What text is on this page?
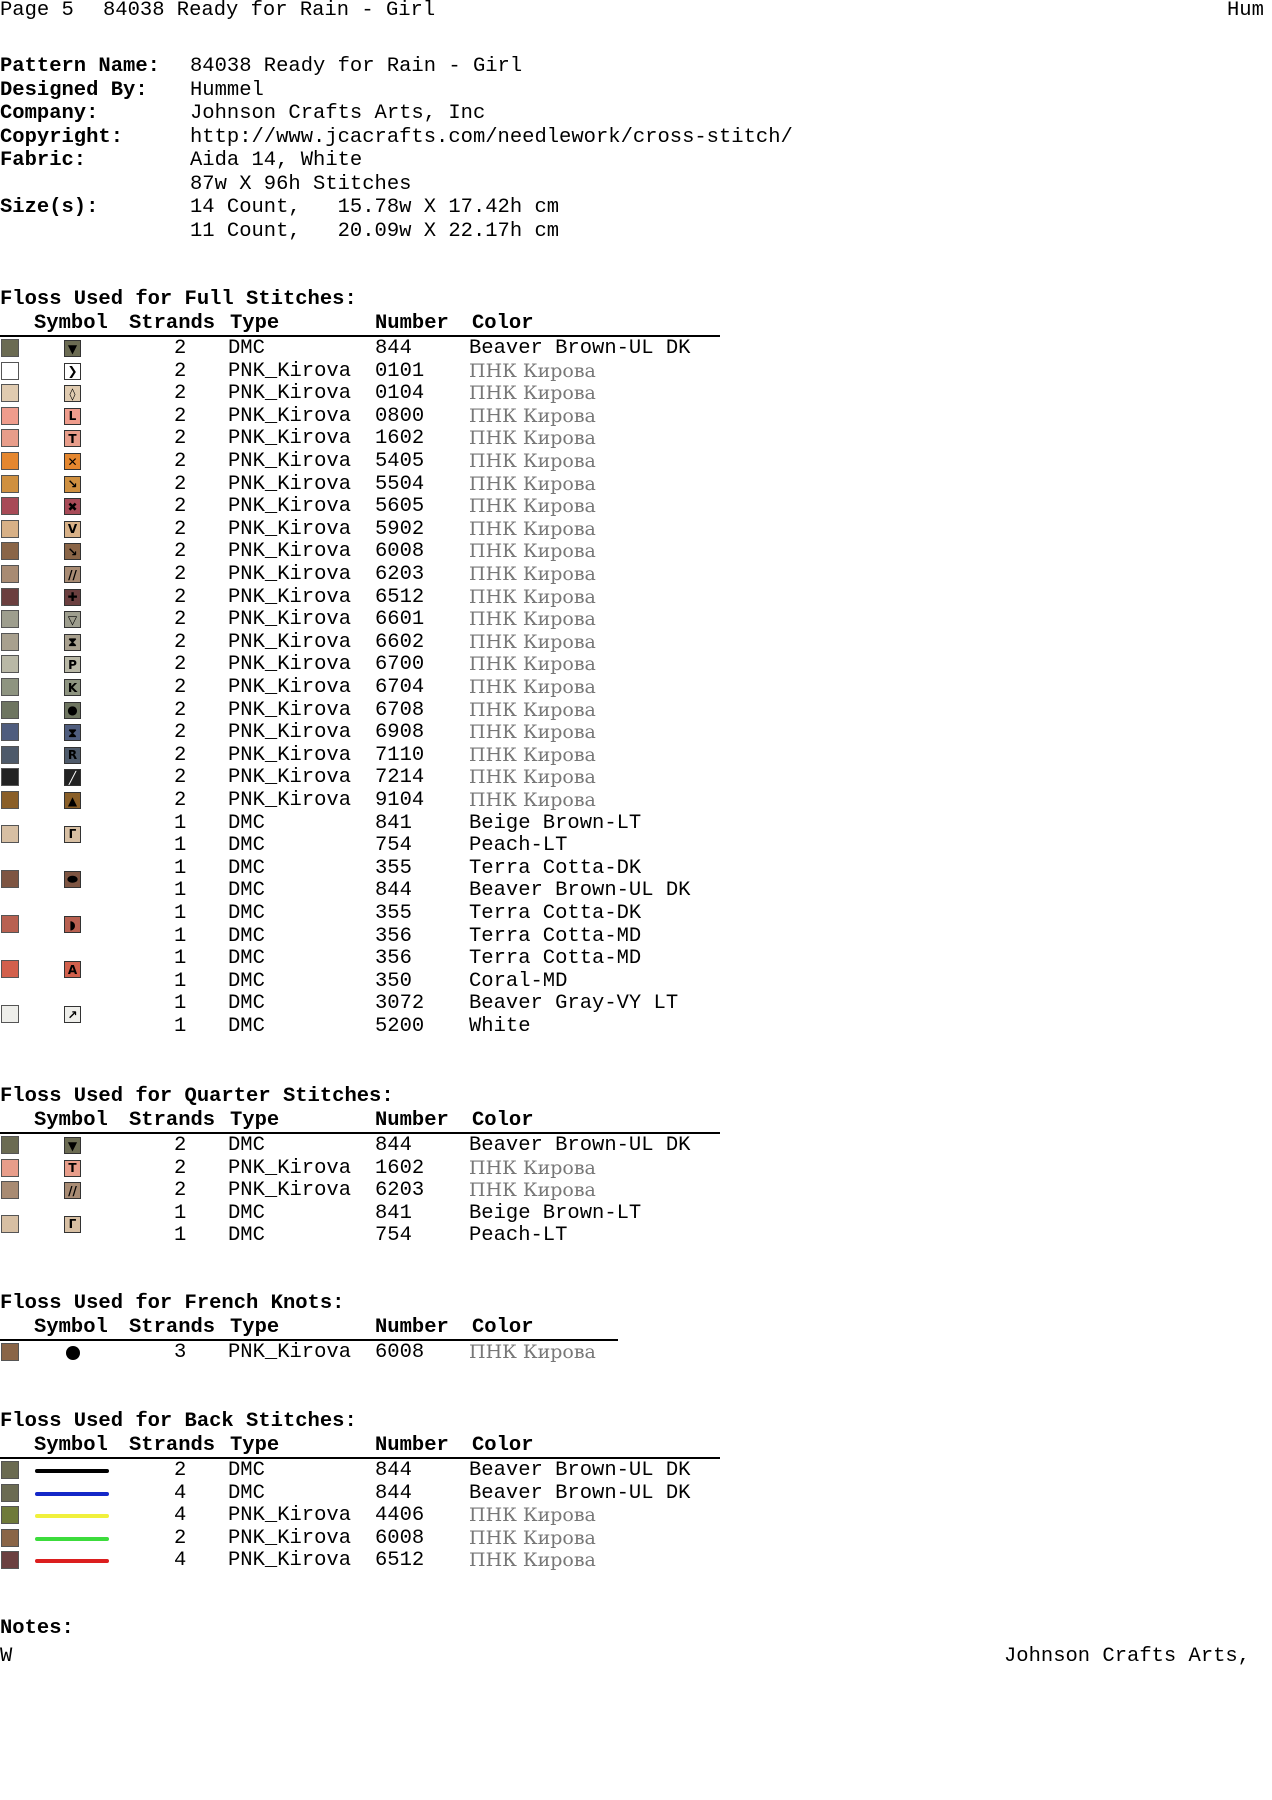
Page 5 84038 Ready for Rain - Girl	Hum
Pattern Name: 84038 Ready for Rain - Girl
Designed By: Hummel
Company:	Johnson Crafts Arts, Inc
Copyright:	http://www.jcacrafts.com/needlework/cross-stitch/
Fabric:	Aida 14, White
87w X 96h Stitches
Size(s):	14 Count,   15.78w X 17.42h cm
11 Count,   20.09w X 22.17h cm
Floss Used for Full Stitches:
Symbol Strands Type	Number Color
▼	2 DMC	844	Beaver Brown-UL DK
❯	2 PNK_Kirova 0101 ПНК Кирова
◊	2 PNK_Kirova 0104 ПНК Кирова
L	2 PNK_Kirova 0800 ПНК Кирова
T	2 PNK_Kirova 1602 ПНК Кирова
✕	2 PNK_Kirova 5405 ПНК Кирова
↘	2 PNK_Kirova 5504 ПНК Кирова
✖	2 PNK_Kirova 5605 ПНК Кирова
V	2 PNK_Kirova 5902 ПНК Кирова
↘	2 PNK_Kirova 6008 ПНК Кирова
//	2 PNK_Kirova 6203 ПНК Кирова
✚	2 PNK_Kirova 6512 ПНК Кирова
▽	2 PNK_Kirova 6601 ПНК Кирова
⧗	2 PNK_Kirova 6602 ПНК Кирова
P	2 PNK_Kirova 6700 ПНК Кирова
K	2 PNK_Kirova 6704 ПНК Кирова
●	2 PNK_Kirova 6708 ПНК Кирова
⧗	2 PNK_Kirova 6908 ПНК Кирова
R	2 PNK_Kirova 7110 ПНК Кирова
╱	2 PNK_Kirova 7214 ПНК Кирова
▲	2 PNK_Kirova 9104 ПНК Кирова
Γ	1 DMC	841	Beige Brown-LT
1 DMC	754	Peach-LT
⬬	1 DMC	355	Terra Cotta-DK
1 DMC	844	Beaver Brown-UL DK
◗	1 DMC	355	Terra Cotta-DK
1 DMC	356	Terra Cotta-MD
A	1 DMC	356	Terra Cotta-MD
1 DMC	350	Coral-MD
↗	1 DMC	3072 Beaver Gray-VY LT
1 DMC	5200 White
Floss Used for Quarter Stitches:
Symbol Strands Type	Number Color
▼	2 DMC	844	Beaver Brown-UL DK
T	2 PNK_Kirova 1602 ПНК Кирова
//	2 PNK_Kirova 6203 ПНК Кирова
Γ	1 DMC	841	Beige Brown-LT
1 DMC	754	Peach-LT
Floss Used for French Knots:
Symbol Strands Type	Number Color
3 PNK_Kirova 6008 ПНК Кирова
Floss Used for Back Stitches:
Symbol Strands Type	Number Color
2 DMC	844	Beaver Brown-UL DK
4 DMC	844	Beaver Brown-UL DK
4 PNK_Kirova 4406 ПНК Кирова
2 PNK_Kirova 6008 ПНК Кирова
4 PNK_Kirova 6512 ПНК Кирова
Notes:
W	Johnson Crafts Arts,
